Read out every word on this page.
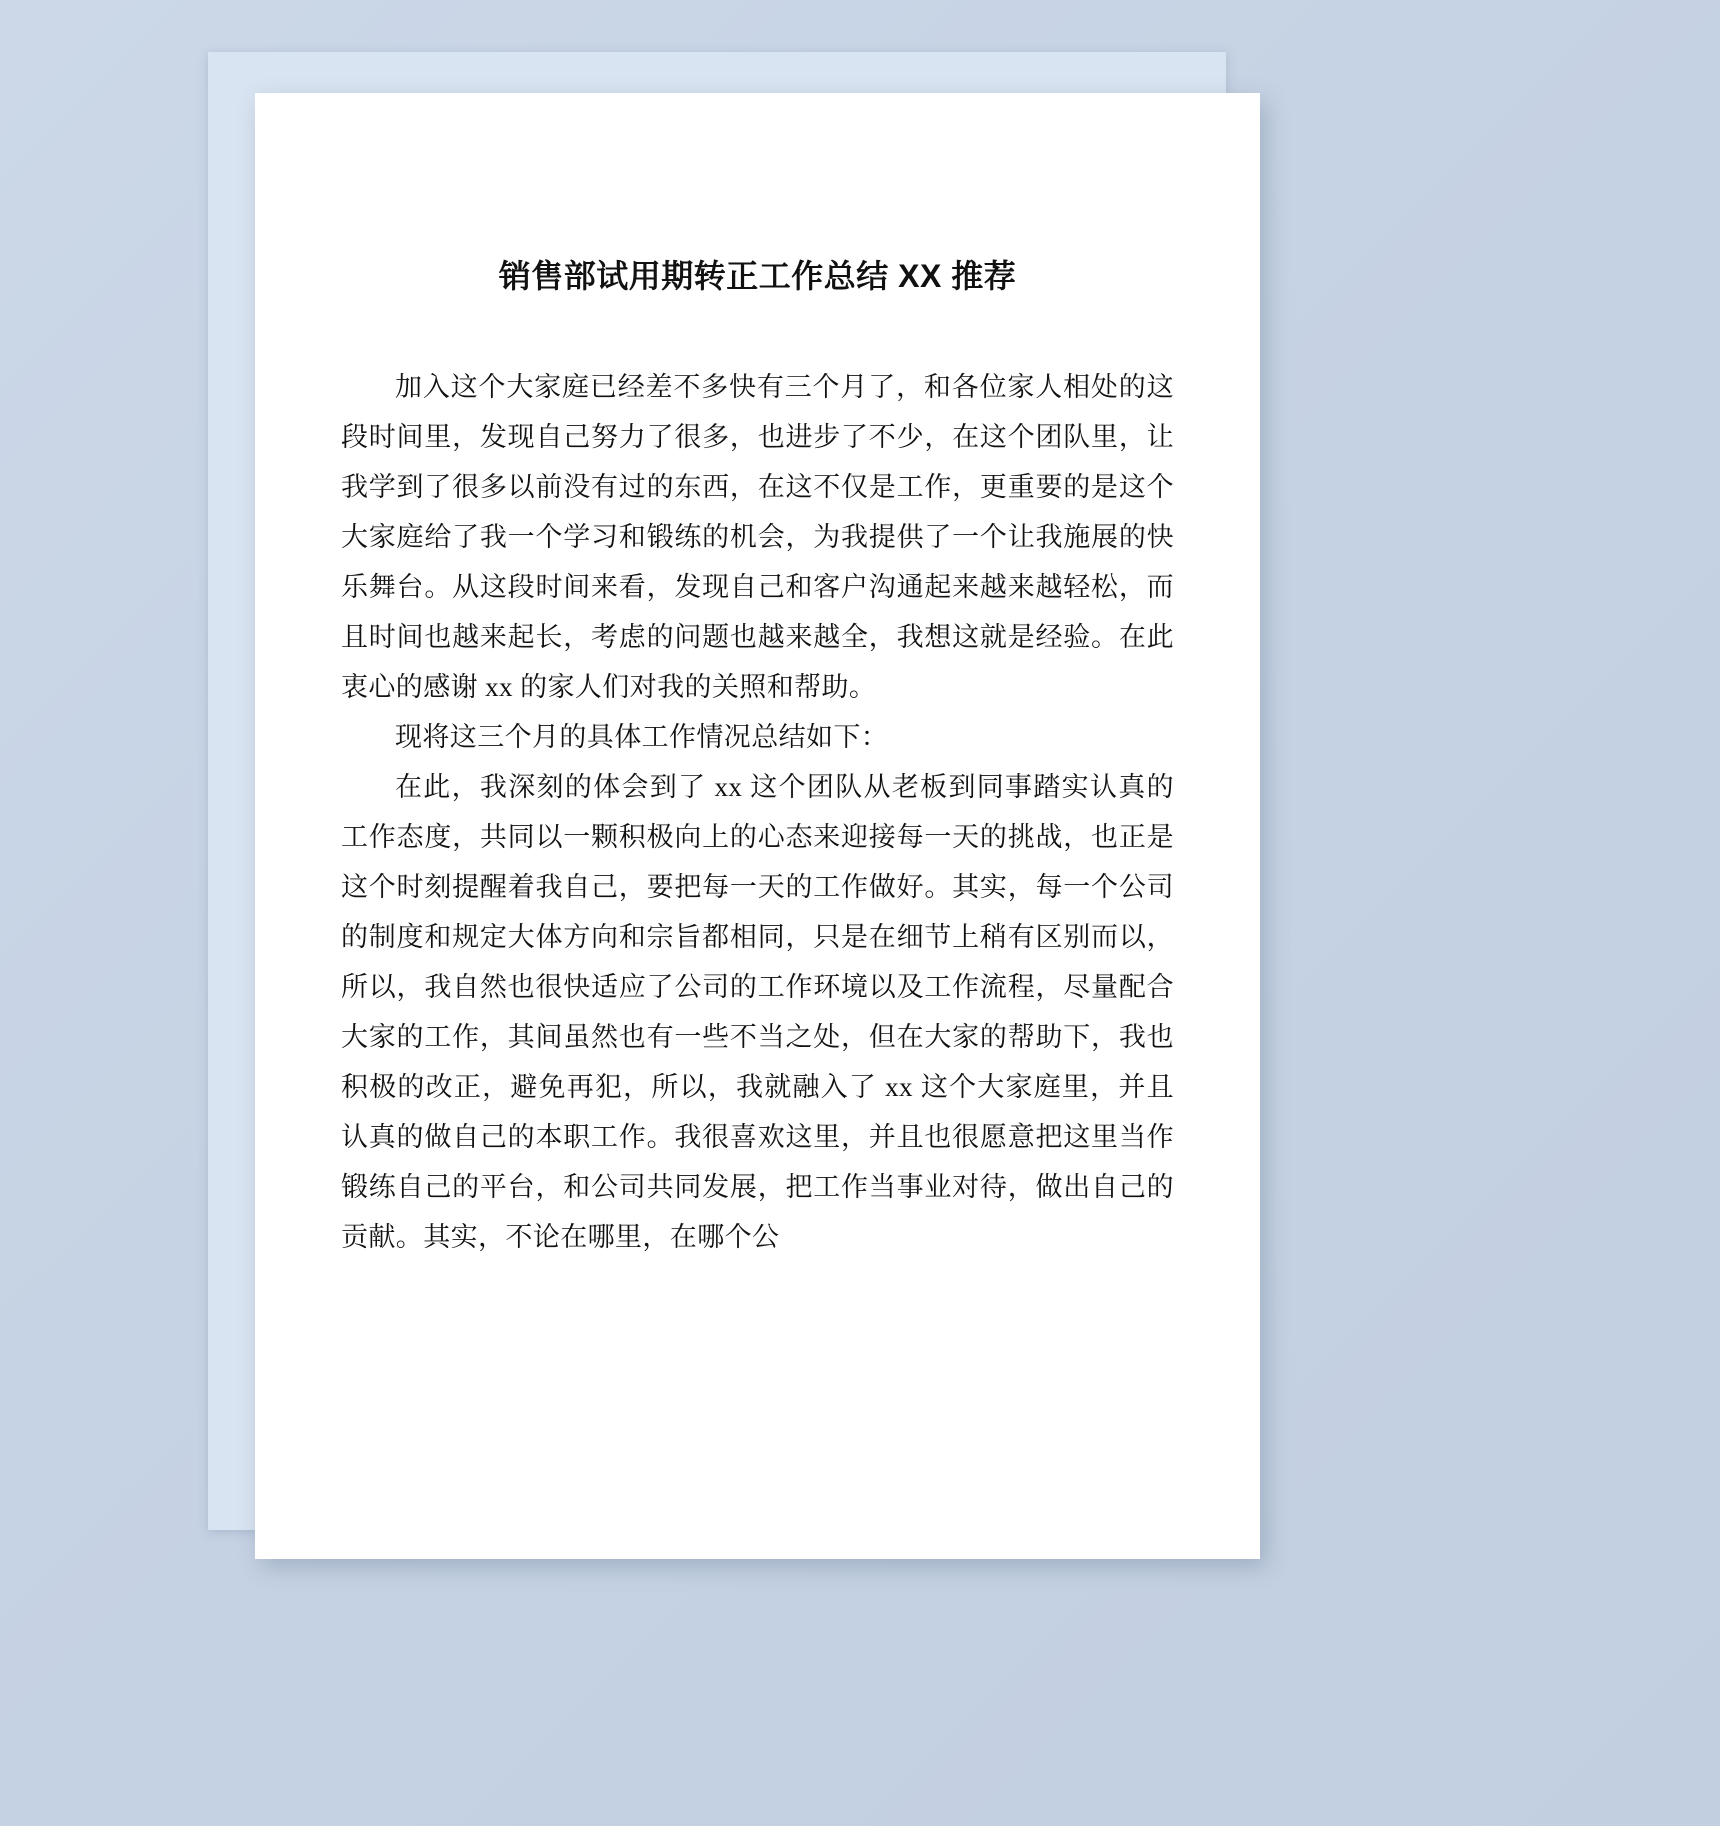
销售部试用期转正工作总结 XX 推荐

加入这个大家庭已经差不多快有三个月了，和各位家人相处的这段时间里，发现自己努力了很多，也进步了不少，在这个团队里，让我学到了很多以前没有过的东西，在这不仅是工作，更重要的是这个大家庭给了我一个学习和锻练的机会，为我提供了一个让我施展的快乐舞台。从这段时间来看，发现自己和客户沟通起来越来越轻松，而且时间也越来起长，考虑的问题也越来越全，我想这就是经验。在此衷心的感谢 xx 的家人们对我的关照和帮助。

现将这三个月的具体工作情况总结如下：

在此，我深刻的体会到了 xx 这个团队从老板到同事踏实认真的工作态度，共同以一颗积极向上的心态来迎接每一天的挑战，也正是这个时刻提醒着我自己，要把每一天的工作做好。其实，每一个公司的制度和规定大体方向和宗旨都相同，只是在细节上稍有区别而以，所以，我自然也很快适应了公司的工作环境以及工作流程，尽量配合大家的工作，其间虽然也有一些不当之处，但在大家的帮助下，我也积极的改正，避免再犯，所以，我就融入了 xx 这个大家庭里，并且认真的做自己的本职工作。我很喜欢这里，并且也很愿意把这里当作锻练自己的平台，和公司共同发展，把工作当事业对待，做出自己的贡献。其实，不论在哪里，在哪个公
